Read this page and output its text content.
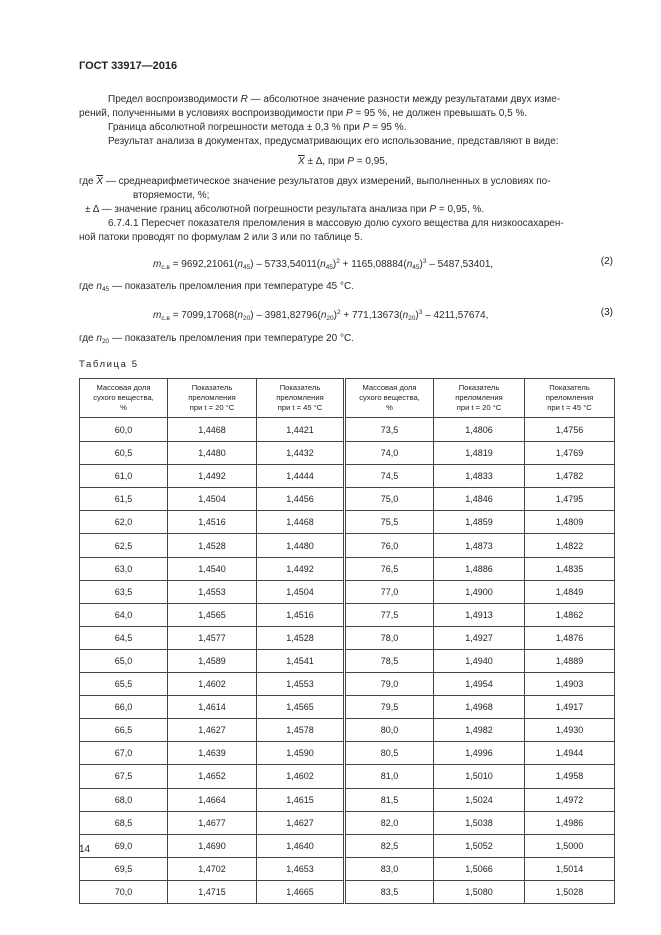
ГОСТ 33917—2016
Предел воспроизводимости R — абсолютное значение разности между результатами двух изме-
рений, полученными в условиях воспроизводимости при P = 95 %, не должен превышать 0,5 %.
Граница абсолютной погрешности метода ± 0,3 % при P = 95 %.
Результат анализа в документах, предусматривающих его использование, представляют в виде:
$\overline{X} \pm \Delta$, при P = 0,95,
где $\overline{X}$ — среднеарифметическое значение результатов двух измерений, выполненных в условиях по-
вторяемости, %;
± Δ — значение границ абсолютной погрешности результата анализа при P = 0,95, %.
6.7.4.1 Пересчет показателя преломления в массовую долю сухого вещества для низкоосахарен-
ной патоки проводят по формулам 2 или 3 или по таблице 5.
$m_{с.в} = 9692,21061(n_{45}) - 5733,54011(n_{45})^2 + 1165,08884(n_{45})^3 - 5487,53401$,	(2)
где $n_{45}$ — показатель преломления при температуре 45 °С.
$m_{с.в} = 7099,17068(n_{20}) - 3981,82796(n_{20})^2 + 771,13673(n_{20})^3 - 4211,57674$,	(3)
где $n_{20}$ — показатель преломления при температуре 20 °С.
Таблица 5
Массовая доля
сухого вещества,
%	Показатель
преломления
при t = 20 °С	Показатель
преломления
при t = 45 °С	Массовая доля
сухого вещества,
%	Показатель
преломления
при t = 20 °С	Показатель
преломления
при t = 45 °С
60,0	1,4468	1,4421	73,5	1,4806	1,4756
60,5	1,4480	1,4432	74,0	1,4819	1,4769
61,0	1,4492	1,4444	74,5	1,4833	1,4782
61,5	1,4504	1,4456	75,0	1,4846	1,4795
62,0	1,4516	1,4468	75,5	1,4859	1,4809
62,5	1,4528	1,4480	76,0	1,4873	1,4822
63,0	1,4540	1,4492	76,5	1,4886	1,4835
63,5	1,4553	1,4504	77,0	1,4900	1,4849
64,0	1,4565	1,4516	77,5	1,4913	1,4862
64,5	1,4577	1,4528	78,0	1,4927	1,4876
65,0	1,4589	1,4541	78,5	1,4940	1,4889
65,5	1,4602	1,4553	79,0	1,4954	1,4903
66,0	1,4614	1,4565	79,5	1,4968	1,4917
66,5	1,4627	1,4578	80,0	1,4982	1,4930
67,0	1,4639	1,4590	80,5	1,4996	1,4944
67,5	1,4652	1,4602	81,0	1,5010	1,4958
68,0	1,4664	1,4615	81,5	1,5024	1,4972
68,5	1,4677	1,4627	82,0	1,5038	1,4986
69,0	1,4690	1,4640	82,5	1,5052	1,5000
69,5	1,4702	1,4653	83,0	1,5066	1,5014
70,0	1,4715	1,4665	83,5	1,5080	1,5028
14
